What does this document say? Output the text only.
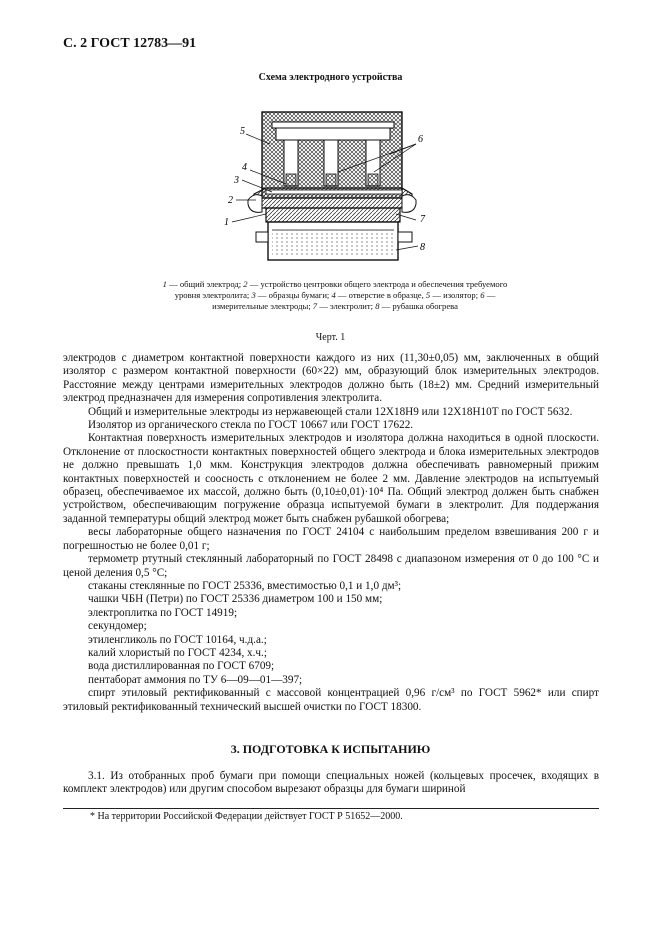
С. 2 ГОСТ 12783—91
Схема электродного устройства
5
4
3
2
1
6
7
8
1 — общий электрод; 2 — устройство центровки общего электрода и обеспечения требуемого уровня электролита; 3 — образцы бумаги; 4 — отверстие в образце, 5 — изолятор; 6 — измерительные электроды; 7 — электролит; 8 — рубашка обогрева
Черт. 1

электродов с диаметром контактной поверхности каждого из них (11,30±0,05) мм, заключенных в общий изолятор с размером контактной поверхности (60×22) мм, образующий блок измерительных электродов. Расстояние между центрами измерительных электродов должно быть (18±2) мм. Средний измерительный электрод предназначен для измерения сопротивления электролита.

Общий и измерительные электроды из нержавеющей стали 12Х18Н9 или 12Х18Н10Т по ГОСТ 5632.

Изолятор из органического стекла по ГОСТ 10667 или ГОСТ 17622.

Контактная поверхность измерительных электродов и изолятора должна находиться в одной плоскости. Отклонение от плоскостности контактных поверхностей общего электрода и блока измерительных электродов не должно превышать 1,0 мкм. Конструкция электродов должна обеспечивать равномерный прижим контактных поверхностей и соосность с отклонением не более 2 мм. Давление электродов на испытуемый образец, обеспечиваемое их массой, должно быть (0,10±0,01)·10⁴ Па. Общий электрод должен быть снабжен устройством, обеспечивающим погружение образца испытуемой бумаги в электролит. Для поддержания заданной температуры общий электрод может быть снабжен рубашкой обогрева;

весы лабораторные общего назначения по ГОСТ 24104 с наибольшим пределом взвешивания 200 г и погрешностью не более 0,01 г;

термометр ртутный стеклянный лабораторный по ГОСТ 28498 с диапазоном измерения от 0 до 100 °С и ценой деления 0,5 °С;

стаканы стеклянные по ГОСТ 25336, вместимостью 0,1 и 1,0 дм³;

чашки ЧБН (Петри) по ГОСТ 25336 диаметром 100 и 150 мм;

электроплитка по ГОСТ 14919;

секундомер;

этиленгликоль по ГОСТ 10164, ч.д.а.;

калий хлористый по ГОСТ 4234, х.ч.;

вода дистиллированная по ГОСТ 6709;

пентаборат аммония по ТУ 6—09—01—397;

спирт этиловый ректификованный с массовой концентрацией 0,96 г/см³ по ГОСТ 5962* или спирт этиловый ректификованный технический высшей очистки по ГОСТ 18300.

3. ПОДГОТОВКА К ИСПЫТАНИЮ
3.1. Из отобранных проб бумаги при помощи специальных ножей (кольцевых просечек, входящих в комплект электродов) или другим способом вырезают образцы для бумаги шириной
* На территории Российской Федерации действует ГОСТ Р 51652—2000.
